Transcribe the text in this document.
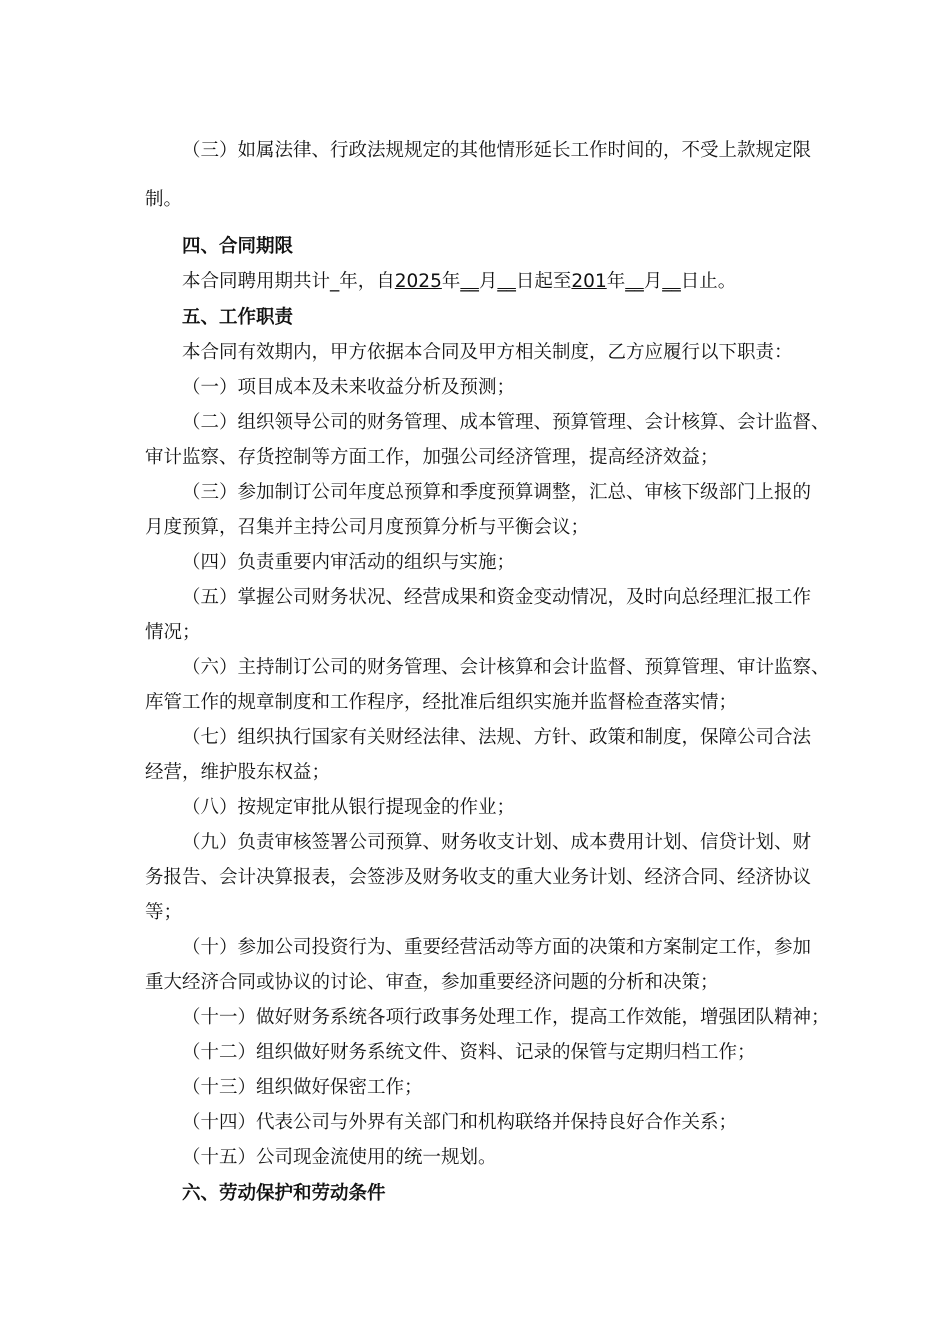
（三）如属法律、行政法规规定的其他情形延长工作时间的，不受上款规定限
制。
四、合同期限
本合同聘用期共计_年，自2025年__月__日起至201年__月__日止。
五、工作职责
本合同有效期内，甲方依据本合同及甲方相关制度，乙方应履行以下职责：
（一）项目成本及未来收益分析及预测；
（二）组织领导公司的财务管理、成本管理、预算管理、会计核算、会计监督、
审计监察、存货控制等方面工作，加强公司经济管理，提高经济效益；
（三）参加制订公司年度总预算和季度预算调整，汇总、审核下级部门上报的
月度预算，召集并主持公司月度预算分析与平衡会议；
（四）负责重要内审活动的组织与实施；
（五）掌握公司财务状况、经营成果和资金变动情况，及时向总经理汇报工作
情况；
（六）主持制订公司的财务管理、会计核算和会计监督、预算管理、审计监察、
库管工作的规章制度和工作程序，经批准后组织实施并监督检查落实情；
（七）组织执行国家有关财经法律、法规、方针、政策和制度，保障公司合法
经营，维护股东权益；
（八）按规定审批从银行提现金的作业；
（九）负责审核签署公司预算、财务收支计划、成本费用计划、信贷计划、财
务报告、会计决算报表，会签涉及财务收支的重大业务计划、经济合同、经济协议
等；
（十）参加公司投资行为、重要经营活动等方面的决策和方案制定工作，参加
重大经济合同或协议的讨论、审查，参加重要经济问题的分析和决策；
（十一）做好财务系统各项行政事务处理工作，提高工作效能，增强团队精神；
（十二）组织做好财务系统文件、资料、记录的保管与定期归档工作；
（十三）组织做好保密工作；
（十四）代表公司与外界有关部门和机构联络并保持良好合作关系；
（十五）公司现金流使用的统一规划。
六、劳动保护和劳动条件
